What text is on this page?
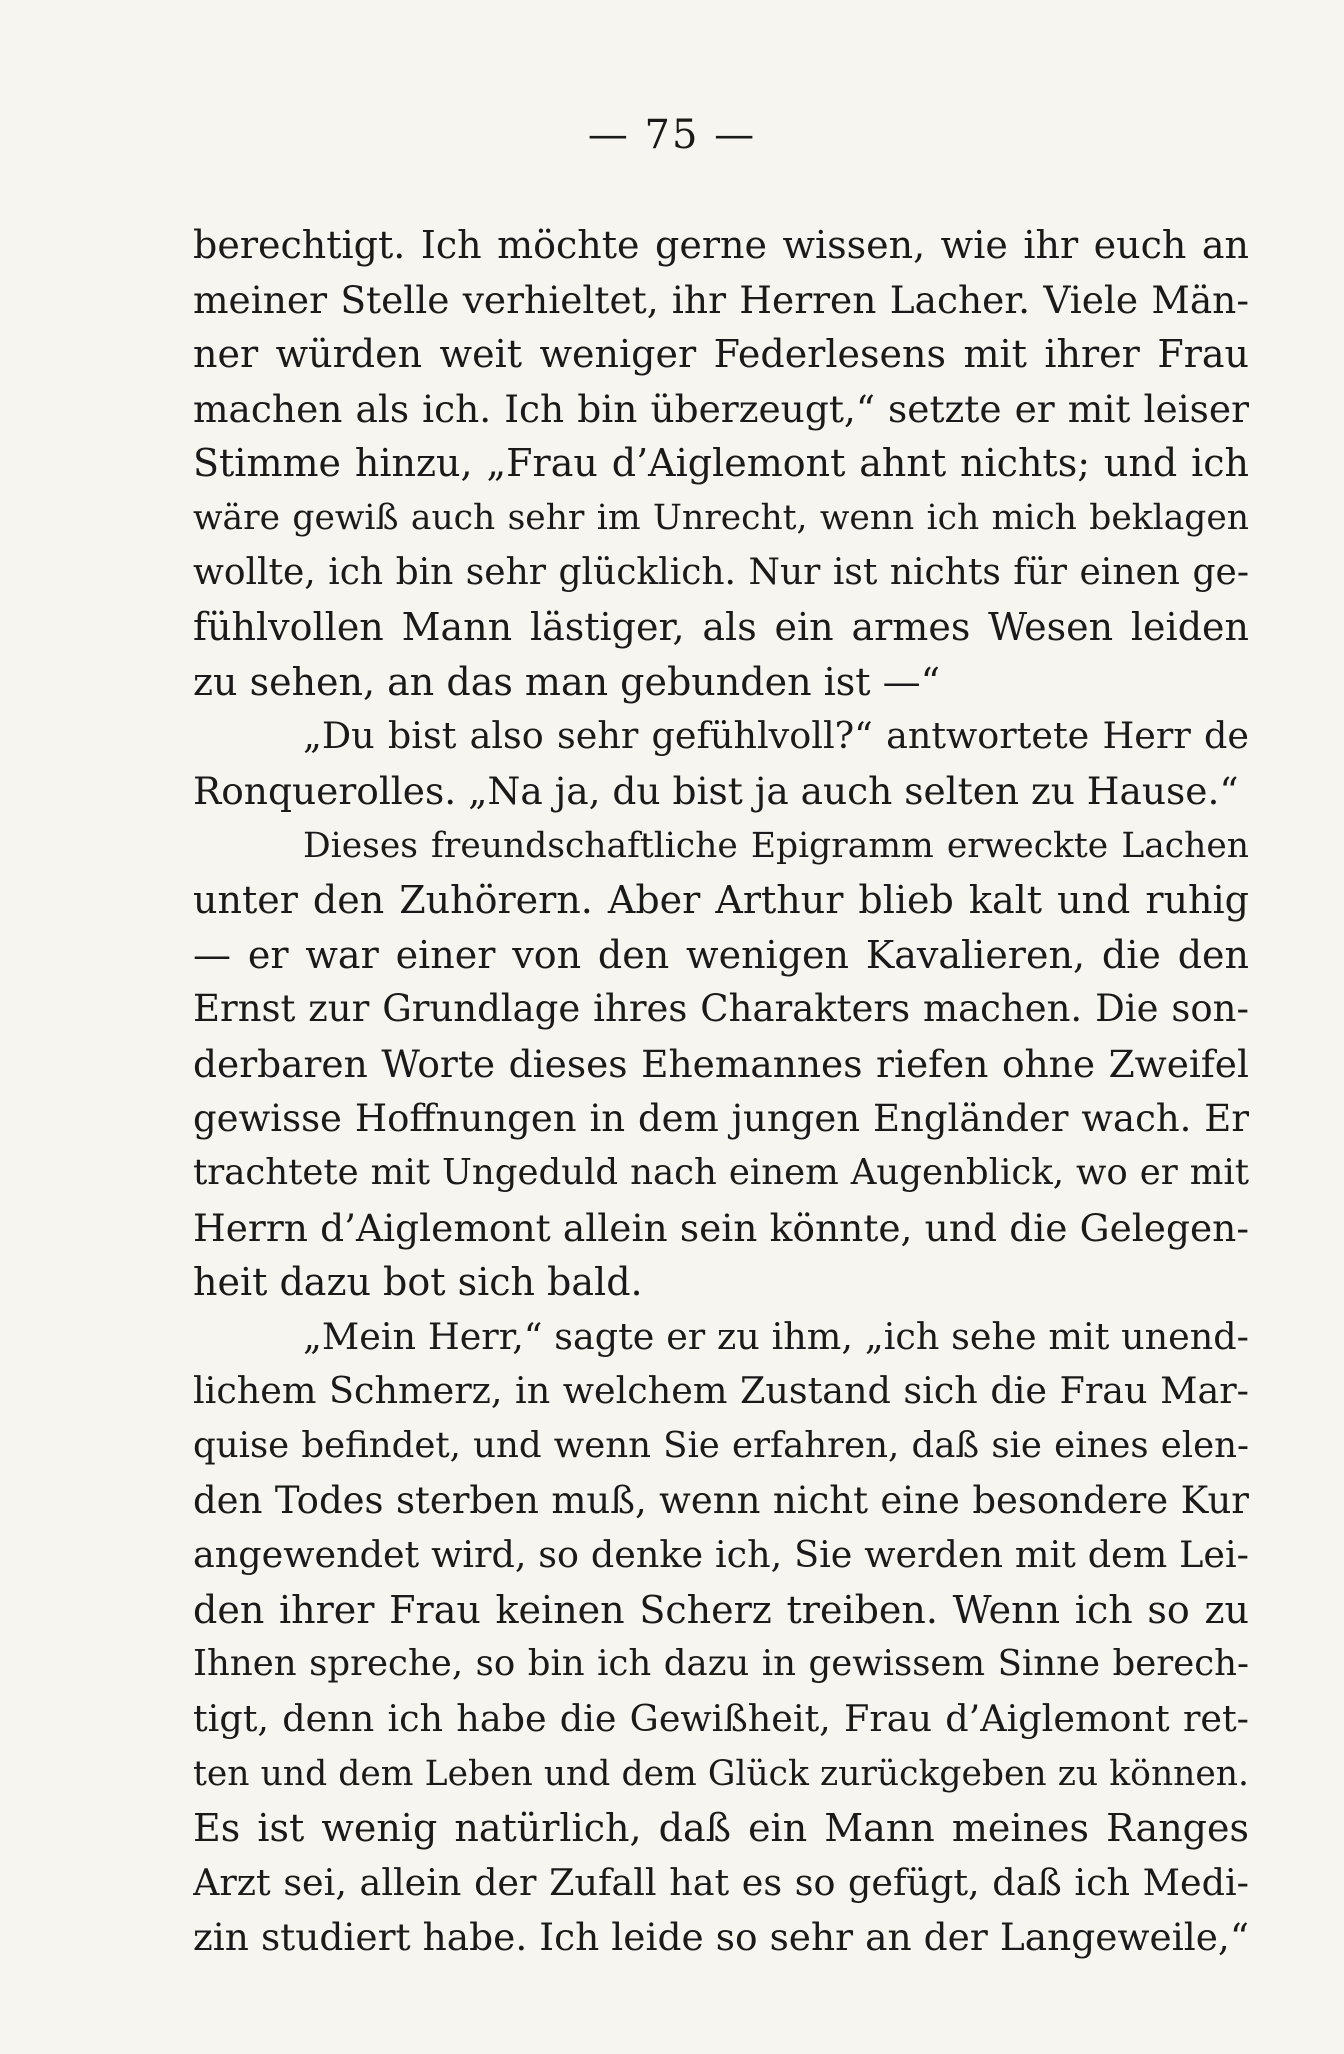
— 75 —
berechtigt. Ich möchte gerne wissen, wie ihr euch an
meiner Stelle verhieltet, ihr Herren Lacher. Viele Män-
ner würden weit weniger Federlesens mit ihrer Frau
machen als ich. Ich bin überzeugt,“ setzte er mit leiser
Stimme hinzu, „Frau d’Aiglemont ahnt nichts; und ich
wäre gewiß auch sehr im Unrecht, wenn ich mich beklagen
wollte, ich bin sehr glücklich. Nur ist nichts für einen ge-
fühlvollen Mann lästiger, als ein armes Wesen leiden
zu sehen, an das man gebunden ist —“
„Du bist also sehr gefühlvoll?“ antwortete Herr de
Ronquerolles. „Na ja, du bist ja auch selten zu Hause.“
Dieses freundschaftliche Epigramm erweckte Lachen
unter den Zuhörern. Aber Arthur blieb kalt und ruhig
— er war einer von den wenigen Kavalieren, die den
Ernst zur Grundlage ihres Charakters machen. Die son-
derbaren Worte dieses Ehemannes riefen ohne Zweifel
gewisse Hoffnungen in dem jungen Engländer wach. Er
trachtete mit Ungeduld nach einem Augenblick, wo er mit
Herrn d’Aiglemont allein sein könnte, und die Gelegen-
heit dazu bot sich bald.
„Mein Herr,“ sagte er zu ihm, „ich sehe mit unend-
lichem Schmerz, in welchem Zustand sich die Frau Mar-
quise befindet, und wenn Sie erfahren, daß sie eines elen-
den Todes sterben muß, wenn nicht eine besondere Kur
angewendet wird, so denke ich, Sie werden mit dem Lei-
den ihrer Frau keinen Scherz treiben. Wenn ich so zu
Ihnen spreche, so bin ich dazu in gewissem Sinne berech-
tigt, denn ich habe die Gewißheit, Frau d’Aiglemont ret-
ten und dem Leben und dem Glück zurückgeben zu können.
Es ist wenig natürlich, daß ein Mann meines Ranges
Arzt sei, allein der Zufall hat es so gefügt, daß ich Medi-
zin studiert habe. Ich leide so sehr an der Langeweile,“
